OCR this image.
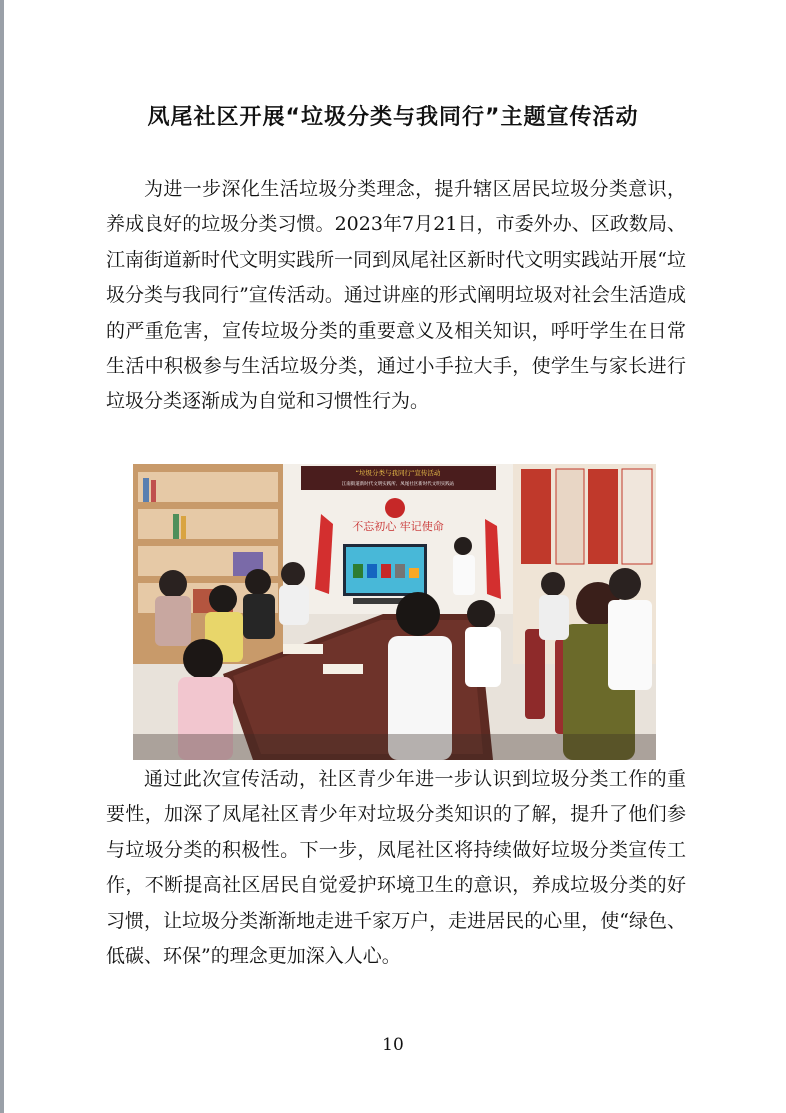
凤尾社区开展“垃圾分类与我同行”主题宣传活动

为进一步深化生活垃圾分类理念，提升辖区居民垃圾分类意识，养成良好的垃圾分类习惯。2023年7月21日，市委外办、区政数局、江南街道新时代文明实践所一同到凤尾社区新时代文明实践站开展“垃圾分类与我同行”宣传活动。通过讲座的形式阐明垃圾对社会生活造成的严重危害，宣传垃圾分类的重要意义及相关知识，呼吁学生在日常生活中积极参与生活垃圾分类，通过小手拉大手，使学生与家长进行垃圾分类逐渐成为自觉和习惯性行为。

“垃圾分类与我同行”宣传活动
江南街道新时代文明实践所、凤尾社区新时代文明实践站
不忘初心 牢记使命

通过此次宣传活动，社区青少年进一步认识到垃圾分类工作的重要性，加深了凤尾社区青少年对垃圾分类知识的了解，提升了他们参与垃圾分类的积极性。下一步，凤尾社区将持续做好垃圾分类宣传工作，不断提高社区居民自觉爱护环境卫生的意识，养成垃圾分类的好习惯，让垃圾分类渐渐地走进千家万户，走进居民的心里，使“绿色、低碳、环保”的理念更加深入人心。

10
